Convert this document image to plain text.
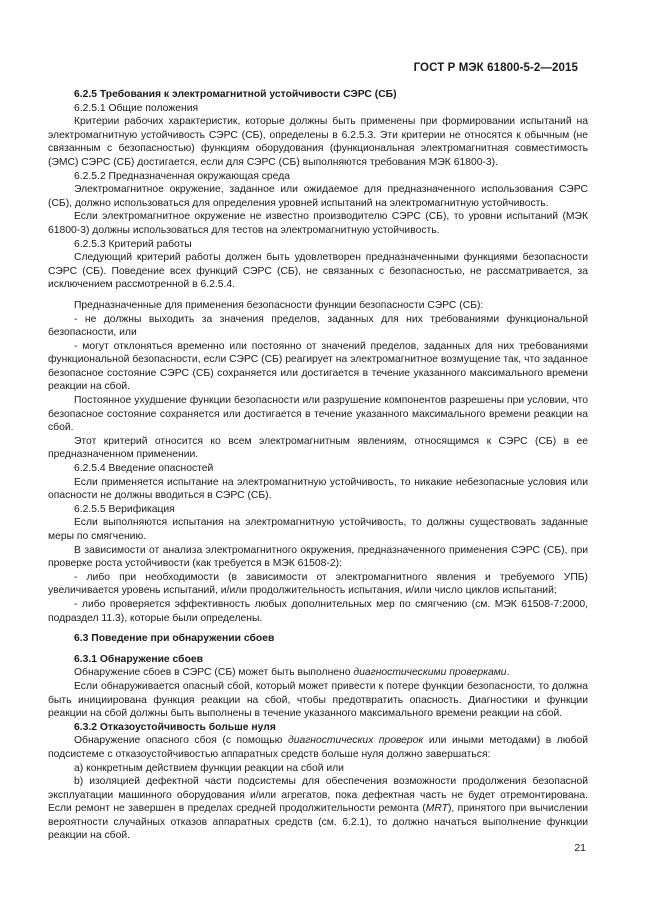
ГОСТ Р МЭК 61800-5-2—2015

6.2.5 Требования к электромагнитной устойчивости СЭРС (СБ)

6.2.5.1 Общие положения

Критерии рабочих характеристик, которые должны быть применены при формировании испытаний на электромагнитную устойчивость СЭРС (СБ), определены в 6.2.5.3. Эти критерии не относятся к обычным (не связанным с безопасностью) функциям оборудования (функциональная электромагнитная совместимость (ЭМС) СЭРС (СБ) достигается, если для СЭРС (СБ) выполняются требования МЭК 61800-3).

6.2.5.2 Предназначенная окружающая среда

Электромагнитное окружение, заданное или ожидаемое для предназначенного использования СЭРС (СБ), должно использоваться для определения уровней испытаний на электромагнитную устойчивость.

Если электромагнитное окружение не известно производителю СЭРС (СБ), то уровни испытаний (МЭК 61800-3) должны использоваться для тестов на электромагнитную устойчивость.

6.2.5.3 Критерий работы

Следующий критерий работы должен быть удовлетворен предназначенными функциями безопасности СЭРС (СБ). Поведение всех функций СЭРС (СБ), не связанных с безопасностью, не рассматривается, за исключением рассмотренной в 6.2.5.4.

Предназначенные для применения безопасности функции безопасности СЭРС (СБ):

- не должны выходить за значения пределов, заданных для них требованиями функциональной безопасности, или

- могут отклоняться временно или постоянно от значений пределов, заданных для них требованиями функциональной безопасности, если СЭРС (СБ) реагирует на электромагнитное возмущение так, что заданное безопасное состояние СЭРС (СБ) сохраняется или достигается в течение указанного максимального времени реакции на сбой.

Постоянное ухудшение функции безопасности или разрушение компонентов разрешены при условии, что безопасное состояние сохраняется или достигается в течение указанного максимального времени реакции на сбой.

Этот критерий относится ко всем электромагнитным явлениям, относящимся к СЭРС (СБ) в ее предназначенном применении.

6.2.5.4 Введение опасностей

Если применяется испытание на электромагнитную устойчивость, то никакие небезопасные условия или опасности не должны вводиться в СЭРС (СБ).

6.2.5.5 Верификация

Если выполняются испытания на электромагнитную устойчивость, то должны существовать заданные меры по смягчению.

В зависимости от анализа электромагнитного окружения, предназначенного применения СЭРС (СБ), при проверке роста устойчивости (как требуется в МЭК 61508-2):

- либо при необходимости (в зависимости от электромагнитного явления и требуемого УПБ) увеличивается уровень испытаний, и/или продолжительность испытания, и/или число циклов испытаний;

- либо проверяется эффективность любых дополнительных мер по смягчению (см. МЭК 61508-7:2000, подраздел 11.3), которые были определены.

6.3 Поведение при обнаружении сбоев

6.3.1 Обнаружение сбоев

Обнаружение сбоев в СЭРС (СБ) может быть выполнено диагностическими проверками.

Если обнаруживается опасный сбой, который может привести к потере функции безопасности, то должна быть инициирована функция реакции на сбой, чтобы предотвратить опасность. Диагностики и функции реакции на сбой должны быть выполнены в течение указанного максимального времени реакции на сбой.

6.3.2 Отказоустойчивость больше нуля

Обнаружение опасного сбоя (с помощью диагностических проверок или иными методами) в любой подсистеме с отказоустойчивостью аппаратных средств больше нуля должно завершаться:

а) конкретным действием функции реакции на сбой или

b) изоляцией дефектной части подсистемы для обеспечения возможности продолжения безопасной эксплуатации машинного оборудования и/или агрегатов, пока дефектная часть не будет отремонтирована. Если ремонт не завершен в пределах средней продолжительности ремонта (MRT), принятого при вычислении вероятности случайных отказов аппаратных средств (см. 6.2.1), то должно начаться выполнение функции реакции на сбой.

21
